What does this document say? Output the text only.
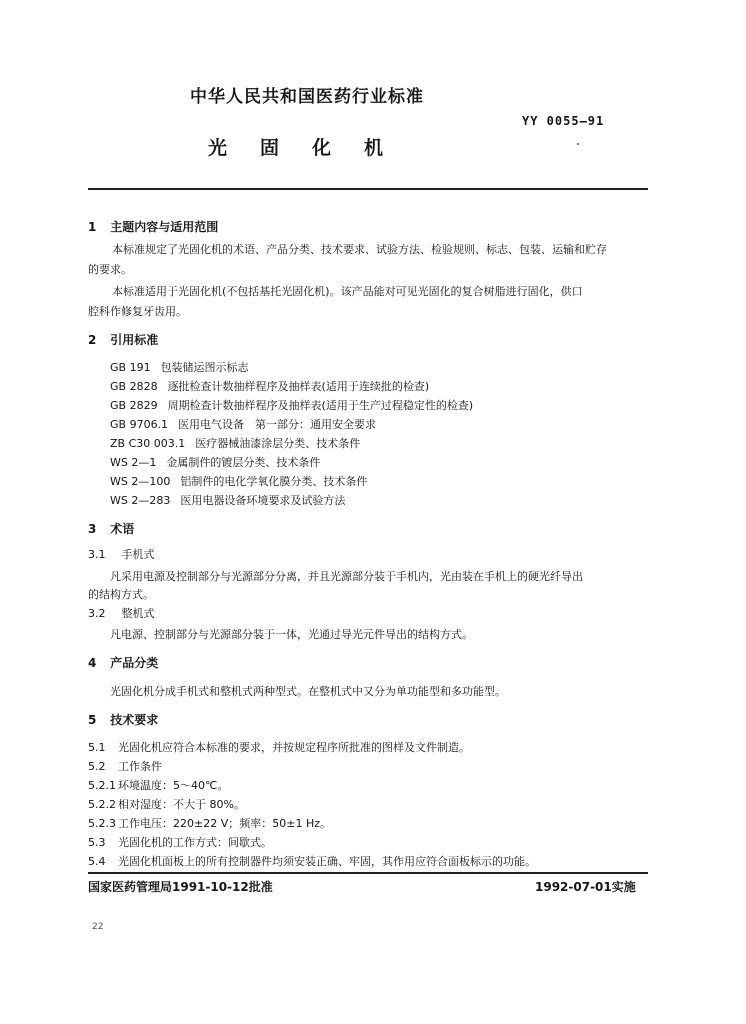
中华人民共和国医药行业标准
YY 0055—91
光固化机
1 主题内容与适用范围
本标准规定了光固化机的术语、产品分类、技术要求、试验方法、检验规则、标志、包装、运输和贮存
的要求。
本标准适用于光固化机(不包括基托光固化机)。该产品能对可见光固化的复合树脂进行固化，供口
腔科作修复牙齿用。
2 引用标准
GB 191 包装储运图示标志
GB 2828 逐批检查计数抽样程序及抽样表(适用于连续批的检查)
GB 2829 周期检查计数抽样程序及抽样表(适用于生产过程稳定性的检查)
GB 9706.1 医用电气设备　第一部分：通用安全要求
ZB C30 003.1 医疗器械油漆涂层分类、技术条件
WS 2—1 金属制件的镀层分类、技术条件
WS 2—100 铝制件的电化学氧化膜分类、技术条件
WS 2—283 医用电器设备环境要求及试验方法
3 术语
3.1 手机式
凡采用电源及控制部分与光源部分分离，并且光源部分装于手机内，光由装在手机上的硬光纤导出
的结构方式。
3.2 整机式
凡电源、控制部分与光源部分装于一体，光通过导光元件导出的结构方式。
4 产品分类
光固化机分成手机式和整机式两种型式。在整机式中又分为单功能型和多功能型。
5 技术要求
5.1 光固化机应符合本标准的要求，并按规定程序所批准的图样及文件制造。
5.2 工作条件
5.2.1 环境温度：5～40℃。
5.2.2 相对湿度：不大于 80%。
5.2.3 工作电压：220±22 V；频率：50±1 Hz。
5.3 光固化机的工作方式：间歇式。
5.4 光固化机面板上的所有控制器件均须安装正确、牢固，其作用应符合面板标示的功能。
国家医药管理局1991-10-12批准	1992-07-01实施
22
